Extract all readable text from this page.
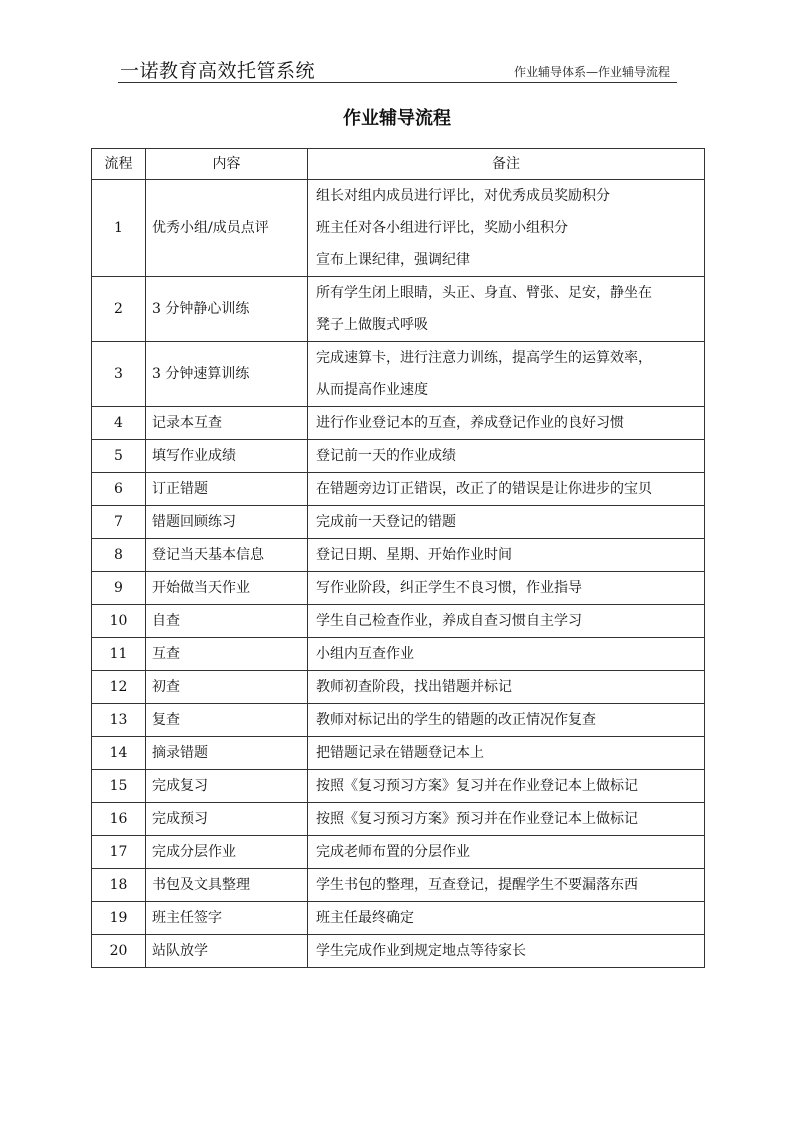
一诺教育高效托管系统	作业辅导体系—作业辅导流程
作业辅导流程
流程	内容	备注
1	优秀小组/成员点评	组长对组内成员进行评比，对优秀成员奖励积分
班主任对各小组进行评比，奖励小组积分
宣布上课纪律，强调纪律

2	3 分钟静心训练	所有学生闭上眼睛，头正、身直、臂张、足安，静坐在
凳子上做腹式呼吸

3	3 分钟速算训练	完成速算卡，进行注意力训练，提高学生的运算效率，
从而提高作业速度

4	记录本互查	进行作业登记本的互查，养成登记作业的良好习惯

5	填写作业成绩	登记前一天的作业成绩

6	订正错题	在错题旁边订正错误，改正了的错误是让你进步的宝贝

7	错题回顾练习	完成前一天登记的错题

8	登记当天基本信息	登记日期、星期、开始作业时间

9	开始做当天作业	写作业阶段，纠正学生不良习惯，作业指导

10	自查	学生自己检查作业，养成自查习惯自主学习

11	互查	小组内互查作业

12	初查	教师初查阶段，找出错题并标记

13	复查	教师对标记出的学生的错题的改正情况作复查

14	摘录错题	把错题记录在错题登记本上

15	完成复习	按照《复习预习方案》复习并在作业登记本上做标记

16	完成预习	按照《复习预习方案》预习并在作业登记本上做标记

17	完成分层作业	完成老师布置的分层作业

18	书包及文具整理	学生书包的整理，互查登记，提醒学生不要漏落东西

19	班主任签字	班主任最终确定

20	站队放学	学生完成作业到规定地点等待家长
